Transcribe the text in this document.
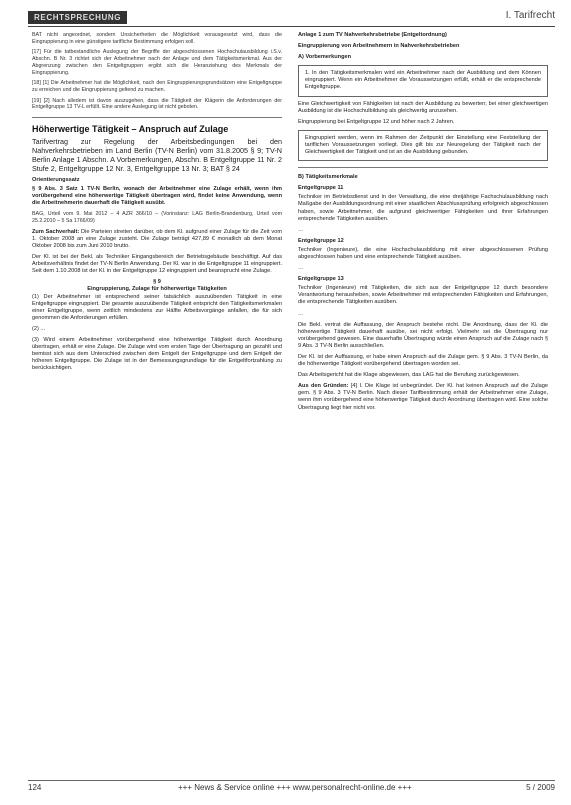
RECHTSPRECHUNG	I. Tarifrecht

BAT nicht angeordnet, sondern Unsicherheiten die Möglichkeit vorausgesetzt wird, dass die Eingruppierung in eine günstigere tarifliche Bestimmung erfolgen soll.

[17] Für die tatbestandliche Auslegung der Begriffe der abgeschlossenen Hochschulausbildung i.S.v. Abschn. B Nr. 3 richtet sich der Arbeitnehmer nach der Anlage und dem Tätigkeitsmerkmal. Aus der Abgrenzung zwischen den Entgeltgruppen ergibt sich die Heranziehung des Merkmals der Eingruppierung.

[18] [1] Die Arbeitnehmer hat die Möglichkeit, nach den Eingruppierungsgrundsätzen eine Entgeltgruppe zu erreichen und die Eingruppierung geltend zu machen.

[19] [2] Nach alledem ist davon auszugehen, dass die Tätigkeit der Klägerin die Anforderungen der Entgeltgruppe 13 TV-L erfüllt. Eine andere Auslegung ist nicht geboten.

Höherwertige Tätigkeit – Anspruch auf Zulage
Tarifvertrag zur Regelung der Arbeitsbedingungen bei den Nahverkehrsbetrieben im Land Berlin (TV-N Berlin) vom 31.8.2005 § 9; TV-N Berlin Anlage 1 Abschn. A Vorbemerkungen, Abschn. B Entgeltgruppe 11 Nr. 2 Stufe 2, Entgeltgruppe 12 Nr. 3, Entgeltgruppe 13 Nr. 3; BAT § 24
Orientierungssatz

§ 9 Abs. 3 Satz 1 TV-N Berlin, wonach der Arbeitnehmer eine Zulage erhält, wenn ihm vorübergehend eine höherwertige Tätigkeit übertragen wird, findet keine Anwendung, wenn die Arbeitnehmerin dauerhaft die Tätigkeit ausübt.

BAG, Urteil vom 9. Mai 2012 – 4 AZR 366/10 – (Vorinstanz: LAG Berlin-Brandenburg, Urteil vom 25.2.2010 – 5 Sa 1766/09)

Zum Sachverhalt: Die Parteien streiten darüber, ob dem Kl. aufgrund einer Zulage für die Zeit vom 1. Oktober 2008 an eine Zulage zusteht. Die Zulage beträgt 427,89 € monatlich ab dem Monat Oktober 2008 bis zum Juni 2010 brutto.

Der Kl. ist bei der Bekl. als Techniker Eingangsbereich der Betriebsgebäude beschäftigt. Auf das Arbeitsverhältnis findet der TV-N Berlin Anwendung. Der Kl. war in die Entgeltgruppe 11 eingruppiert. Seit dem 1.10.2008 ist der Kl. in der Entgeltgruppe 12 eingruppiert und beansprucht eine Zulage.

§ 9
Eingruppierung, Zulage für höherwertige Tätigkeiten

(1) Der Arbeitnehmer ist entsprechend seiner tatsächlich auszuübenden Tätigkeit in eine Entgeltgruppe eingruppiert. Die gesamte auszuübende Tätigkeit entspricht den Tätigkeitsmerkmalen einer Entgeltgruppe, wenn zeitlich mindestens zur Hälfte Arbeitsvorgänge anfallen, die für sich genommen die Anforderungen erfüllen.

(2) ...

(3) Wird einem Arbeitnehmer vorübergehend eine höherwertige Tätigkeit durch Anordnung übertragen, erhält er eine Zulage. Die Zulage wird vom ersten Tage der Übertragung an gezahlt und bemisst sich aus dem Unterschied zwischen dem Entgelt der Entgeltgruppe und dem Entgelt der höheren Entgeltgruppe. Die Zulage ist in der Bemessungsgrundlage für die Entgeltfortzahlung zu berücksichtigen.

Anlage 1 zum TV Nahverkehrsbetriebe (Entgeltordnung)

Eingruppierung von Arbeitnehmern in Nahverkehrsbetrieben

A) Vorbemerkungen

1. In den Tätigkeitsmerkmalen wird ein Arbeitnehmer nach der Ausbildung und dem Können eingruppiert. Wenn ein Arbeitnehmer die Voraussetzungen erfüllt, erhält er die entsprechende Entgeltgruppe.

Eine Gleichwertigkeit von Fähigkeiten ist nach der Ausbildung zu bewerten; bei einer gleichwertigen Ausbildung ist die Hochschulbildung als gleichwertig anzusehen.

Eingruppierung bei Entgeltgruppe 12 und höher nach 2 Jahren.

Eingruppiert werden, wenn im Rahmen der Zeitpunkt der Einstellung eine Feststellung der tariflichen Voraussetzungen vorliegt. Dies gilt bis zur Neuregelung der Tätigkeit nach der Gleichwertigkeit der Tätigkeit und ist an die Ausbildung gebunden.

B) Tätigkeitsmerkmale

Entgeltgruppe 11

Techniker im Betriebsdienst und in der Verwaltung, die eine dreijährige Fachschulausbildung nach Maßgabe der Ausbildungsordnung mit einer staatlichen Abschlussprüfung erfolgreich abgeschlossen haben, sowie Arbeitnehmer, die aufgrund gleichwertiger Fähigkeiten und ihrer Erfahrungen entsprechende Tätigkeiten ausüben.

…

Entgeltgruppe 12

Techniker (Ingenieure), die eine Hochschulausbildung mit einer abgeschlossenen Prüfung abgeschlossen haben und eine entsprechende Tätigkeit ausüben.

…

Entgeltgruppe 13

Techniker (Ingenieure) mit Tätigkeiten, die sich aus der Entgeltgruppe 12 durch besondere Verantwortung herausheben, sowie Arbeitnehmer mit entsprechenden Fähigkeiten und Erfahrungen, die entsprechende Tätigkeiten ausüben.

…

Die Bekl. vertrat die Auffassung, der Anspruch bestehe nicht. Die Anordnung, dass der Kl. die höherwertige Tätigkeit dauerhaft ausübe, sei nicht erfolgt. Vielmehr sei die Übertragung nur vorübergehend gewesen. Eine dauerhafte Übertragung würde einen Anspruch auf die Zulage nach § 9 Abs. 3 TV-N Berlin ausschließen.

Der Kl. ist der Auffassung, er habe einen Anspruch auf die Zulage gem. § 9 Abs. 3 TV-N Berlin, da die höherwertige Tätigkeit vorübergehend übertragen worden sei.

Das Arbeitsgericht hat die Klage abgewiesen, das LAG hat die Berufung zurückgewiesen.

Aus den Gründen: [4] I. Die Klage ist unbegründet. Der Kl. hat keinen Anspruch auf die Zulage gem. § 9 Abs. 3 TV-N Berlin. Nach dieser Tarifbestimmung erhält der Arbeitnehmer eine Zulage, wenn ihm vorübergehend eine höherwertige Tätigkeit durch Anordnung übertragen wird. Eine solche Übertragung liegt hier nicht vor.

124	+++ News & Service online +++ www.personalrecht-online.de +++	5 / 2009
